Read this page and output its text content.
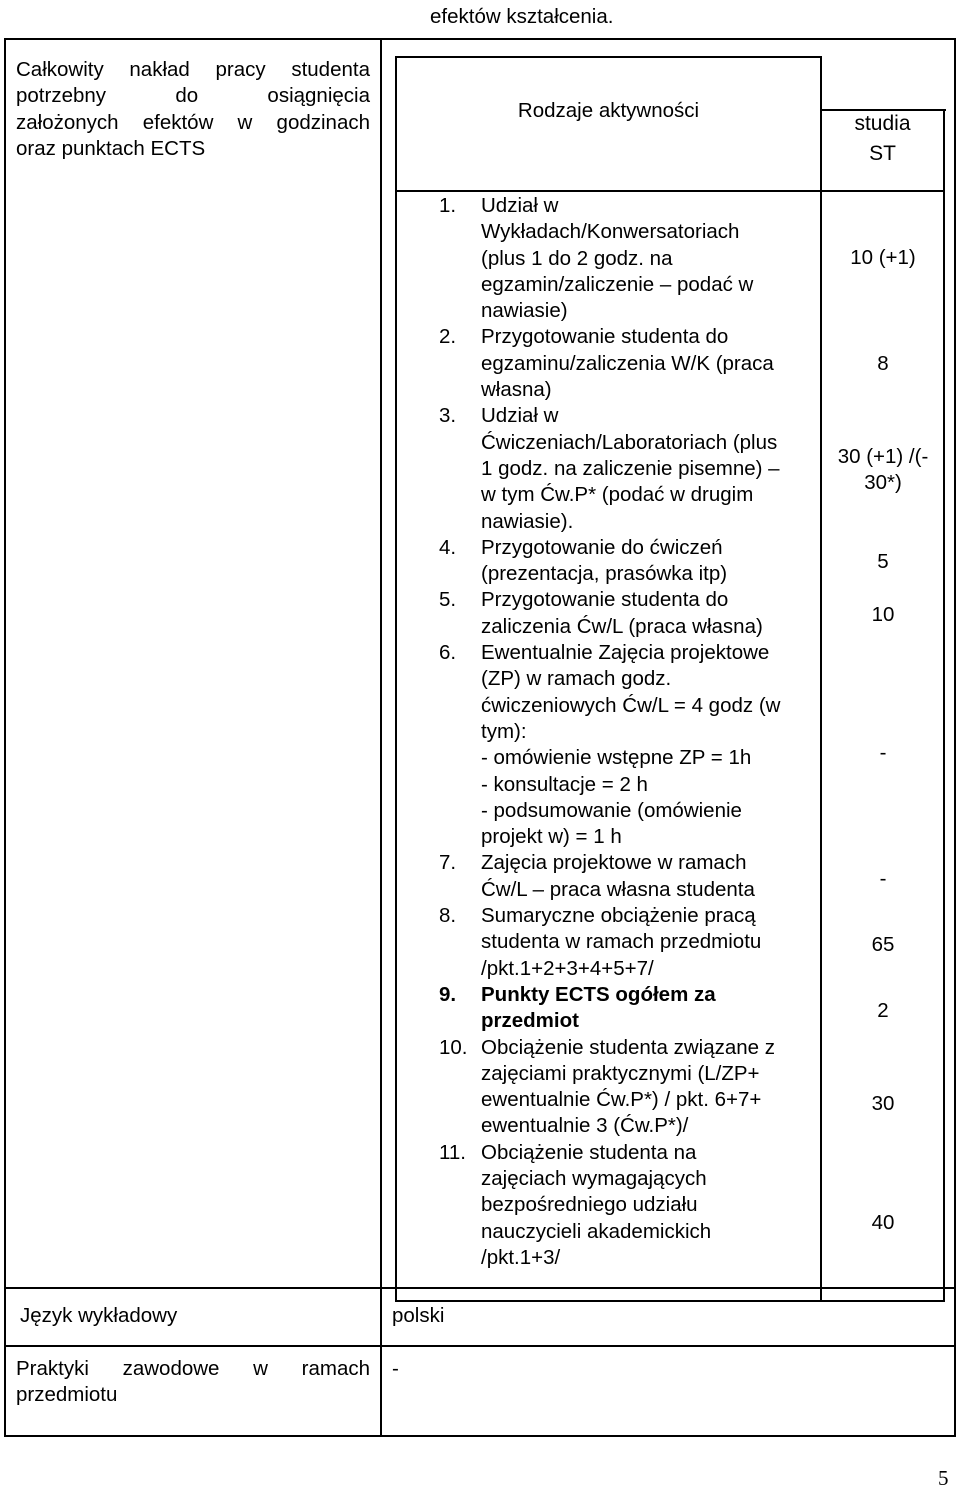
efektów kształcenia.
Całkowity nakład pracy studenta
potrzebny do osiągnięcia
założonych efektów w godzinach
oraz punktach ECTS
Rodzaje aktywności
studia
ST
1. Udział w
Wykładach/Konwersatoriach
(plus 1 do 2 godz. na
egzamin/zaliczenie – podać w
nawiasie)
2. Przygotowanie studenta do
egzaminu/zaliczenia W/K (praca
własna)
3. Udział w
Ćwiczeniach/Laboratoriach (plus
1 godz. na zaliczenie pisemne) –
w tym Ćw.P* (podać w drugim
nawiasie).
4. Przygotowanie do ćwiczeń
(prezentacja, prasówka itp)
5. Przygotowanie studenta do
zaliczenia Ćw/L (praca własna)
6. Ewentualnie Zajęcia projektowe
(ZP) w ramach godz.
ćwiczeniowych Ćw/L = 4 godz (w
tym):
- omówienie wstępne ZP = 1h
- konsultacje = 2 h
- podsumowanie (omówienie
projekt w) = 1 h
7. Zajęcia projektowe w ramach
Ćw/L – praca własna studenta
8. Sumaryczne obciążenie pracą
studenta w ramach przedmiotu
/pkt.1+2+3+4+5+7/
9. Punkty ECTS ogółem za
przedmiot
10. Obciążenie studenta związane z
zajęciami praktycznymi (L/ZP+
ewentualnie Ćw.P*) / pkt. 6+7+
ewentualnie 3 (Ćw.P*)/
11. Obciążenie studenta na
zajęciach wymagających
bezpośredniego udziału
nauczycieli akademickich
/pkt.1+3/
10 (+1)
8
30 (+1) /(-
30*)
5
10
-
-
65
2
30
40
Język wykładowy	polski
Praktyki zawodowe w ramach
przedmiotu
-
5
